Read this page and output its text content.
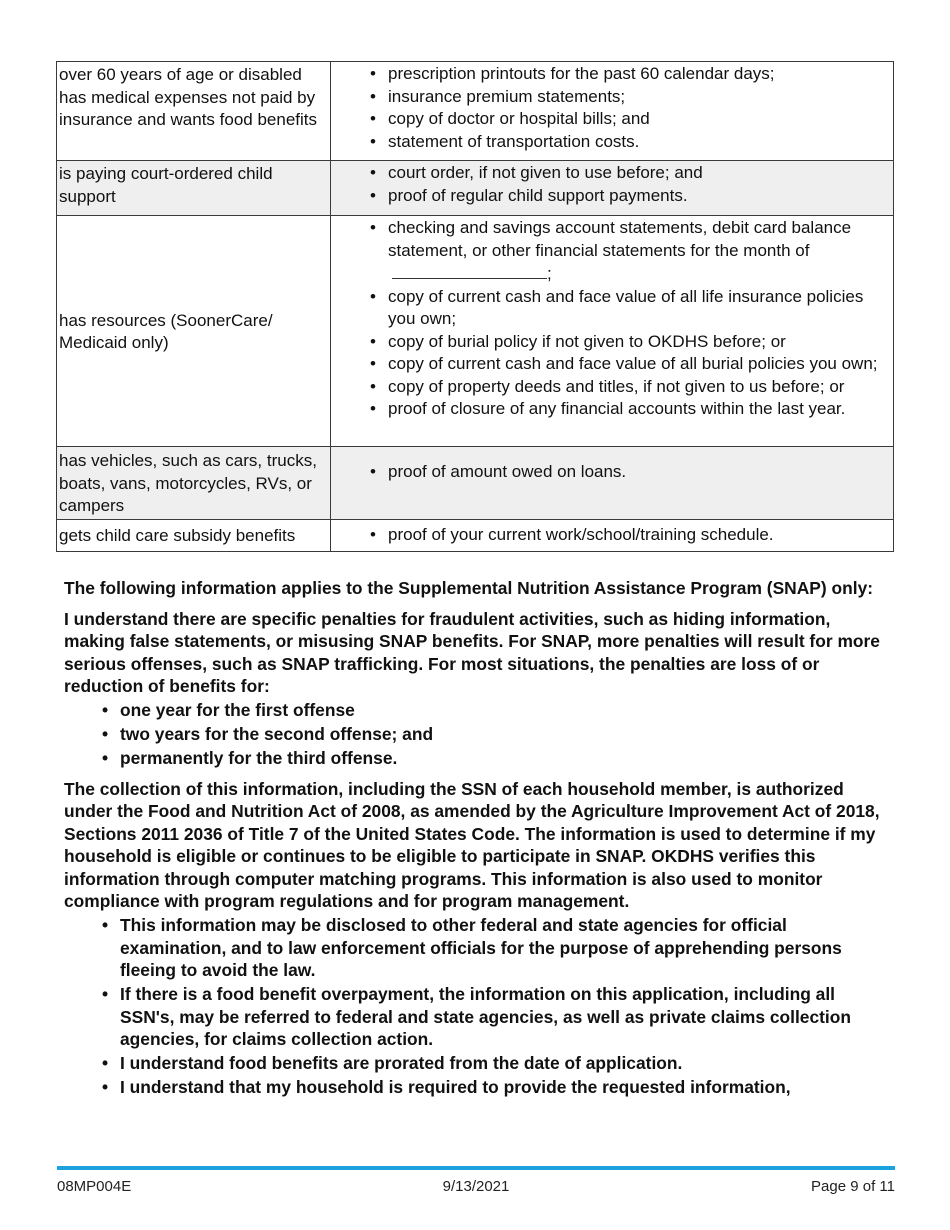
over 60 years of age or disabled has medical expenses not paid by insurance and wants food benefits	
• prescription printouts for the past 60 calendar days;
• insurance premium statements;
• copy of doctor or hospital bills; and
• statement of transportation costs.

is paying court-ordered child support	
• court order, if not given to use before; and
• proof of regular child support payments.

has resources (SoonerCare/ Medicaid only)	
• checking and savings account statements, debit card balance statement, or other financial statements for the month of;
• copy of current cash and face value of all life insurance policies you own;
• copy of burial policy if not given to OKDHS before; or
• copy of current cash and face value of all burial policies you own;
• copy of property deeds and titles, if not given to us before; or
• proof of closure of any financial accounts within the last year.

has vehicles, such as cars, trucks, boats, vans, motorcycles, RVs, or campers	
• proof of amount owed on loans.

gets child care subsidy benefits	• proof of your current work/school/training schedule.

The following information applies to the Supplemental Nutrition Assistance Program (SNAP) only:

I understand there are specific penalties for fraudulent activities, such as hiding information, making false statements, or misusing SNAP benefits. For SNAP, more penalties will result for more serious offenses, such as SNAP trafficking. For most situations, the penalties are loss of or reduction of benefits for:

• one year for the first offense
• two years for the second offense; and
• permanently for the third offense.

The collection of this information, including the SSN of each household member, is authorized under the Food and Nutrition Act of 2008, as amended by the Agriculture Improvement Act of 2018, Sections 2011 2036 of Title 7 of the United States Code. The information is used to determine if my household is eligible or continues to be eligible to participate in SNAP. OKDHS verifies this information through computer matching programs. This information is also used to monitor compliance with program regulations and for program management.

• This information may be disclosed to other federal and state agencies for official examination, and to law enforcement officials for the purpose of apprehending persons fleeing to avoid the law.
• If there is a food benefit overpayment, the information on this application, including all SSN's, may be referred to federal and state agencies, as well as private claims collection agencies, for claims collection action.
• I understand food benefits are prorated from the date of application.
• I understand that my household is required to provide the requested information,
08MP004E	9/13/2021	Page 9 of 11
